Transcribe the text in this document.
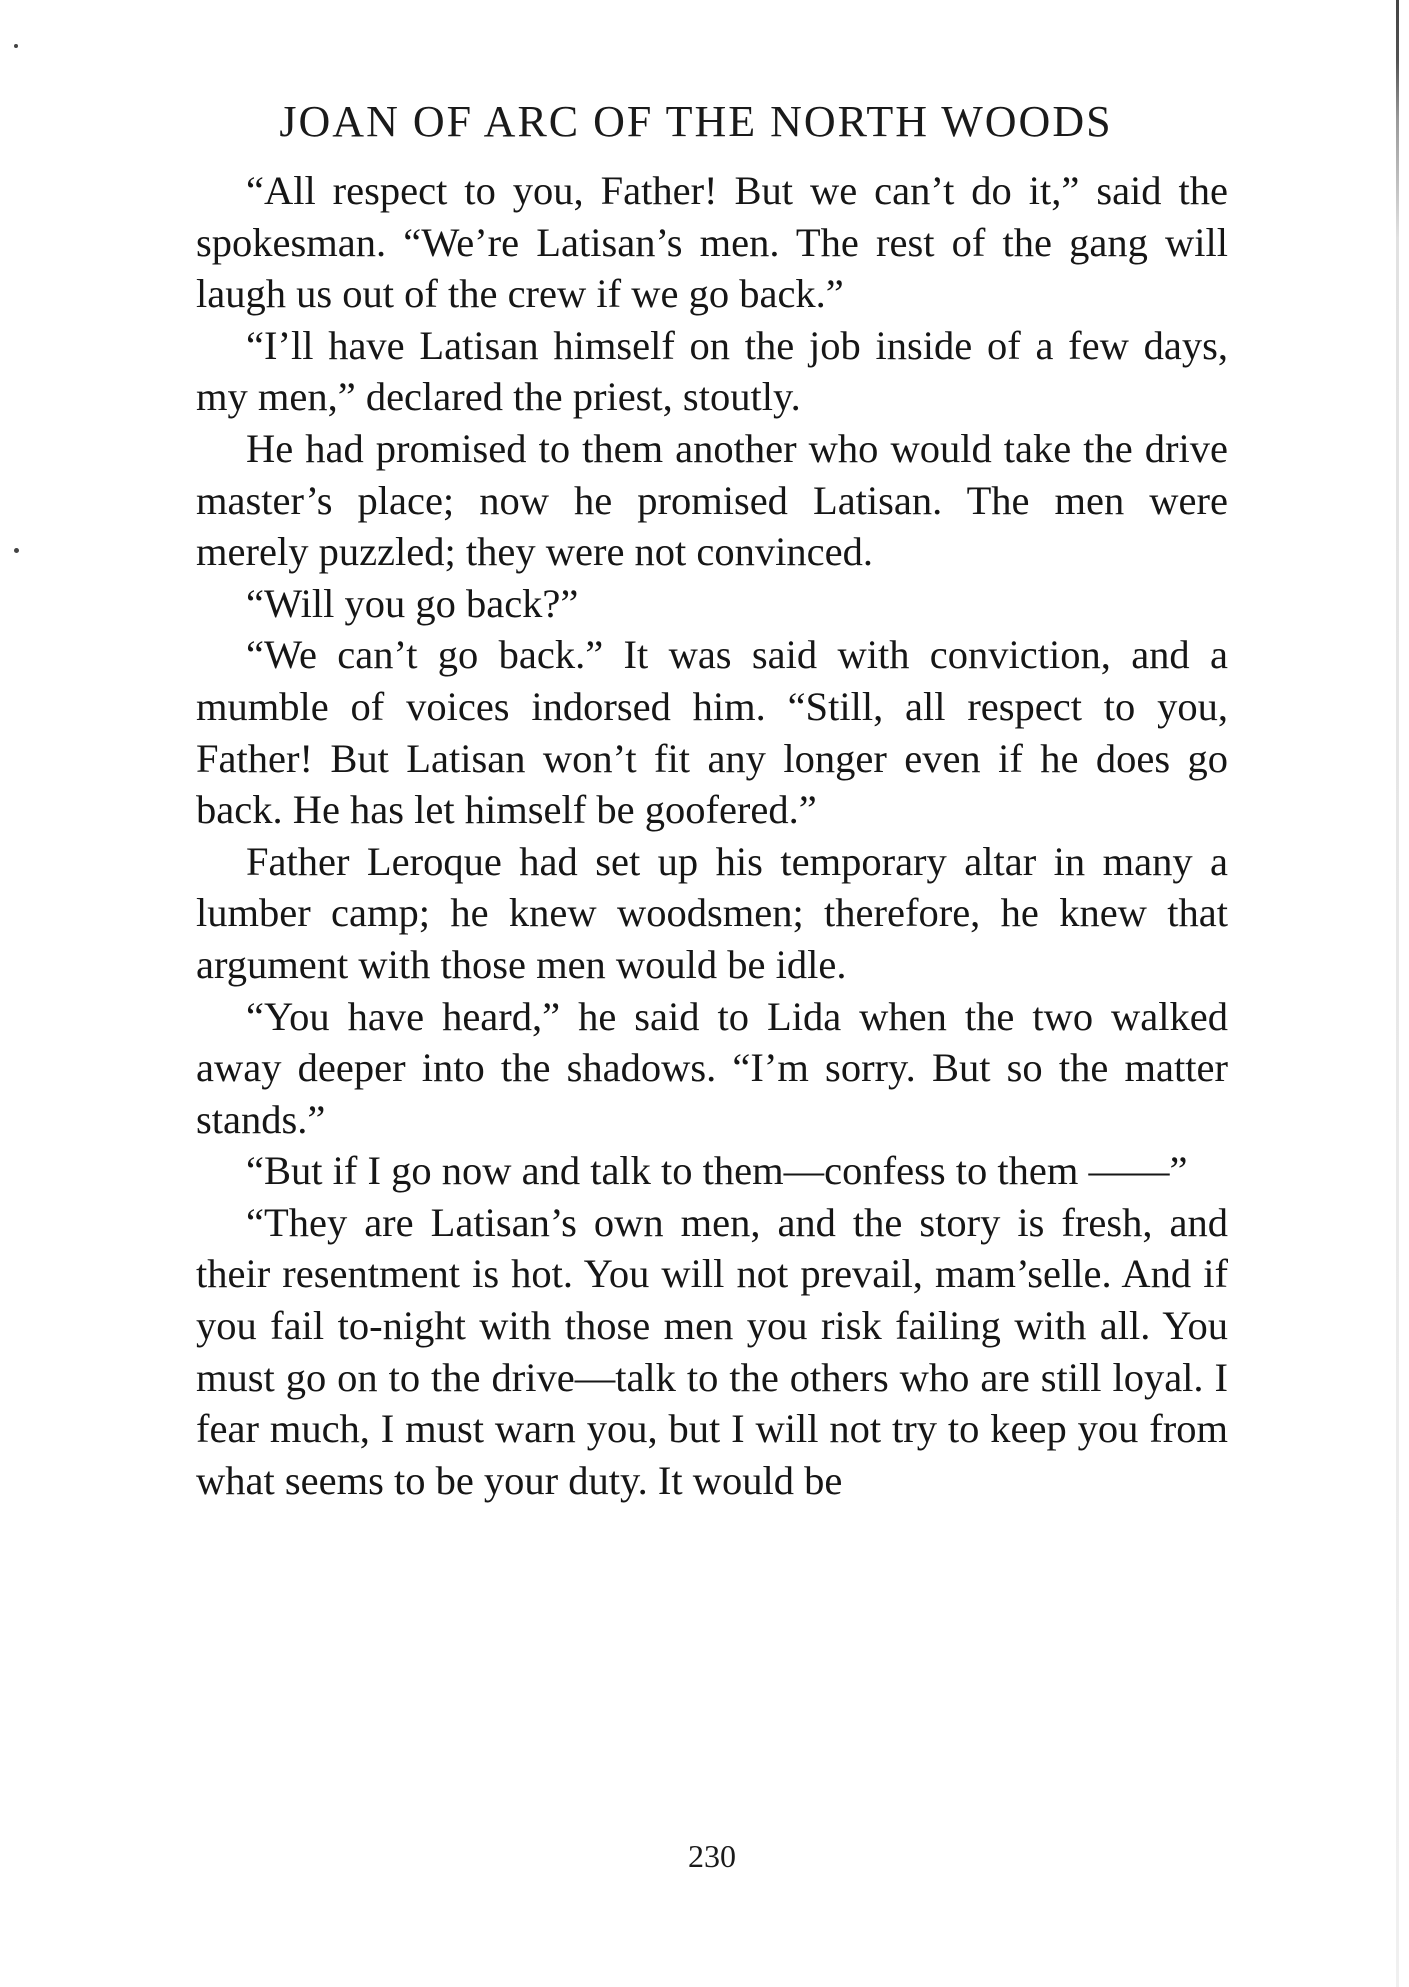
JOAN OF ARC OF THE NORTH WOODS

“All respect to you, Father! But we can’t do it,” said the spokesman. “We’re Latisan’s men. The rest of the gang will laugh us out of the crew if we go back.”

“I’ll have Latisan himself on the job inside of a few days, my men,” declared the priest, stoutly.

He had promised to them another who would take the drive master’s place; now he promised Latisan. The men were merely puzzled; they were not convinced.

“Will you go back?”

“We can’t go back.” It was said with conviction, and a mumble of voices indorsed him. “Still, all respect to you, Father! But Latisan won’t fit any longer even if he does go back. He has let himself be goofered.”

Father Leroque had set up his temporary altar in many a lumber camp; he knew woodsmen; therefore, he knew that argument with those men would be idle.

“You have heard,” he said to Lida when the two walked away deeper into the shadows. “I’m sorry. But so the matter stands.”

“But if I go now and talk to them—confess to them ——”

“They are Latisan’s own men, and the story is fresh, and their resentment is hot. You will not prevail, mam’selle. And if you fail to-night with those men you risk failing with all. You must go on to the drive—talk to the others who are still loyal. I fear much, I must warn you, but I will not try to keep you from what seems to be your duty. It would be

230
